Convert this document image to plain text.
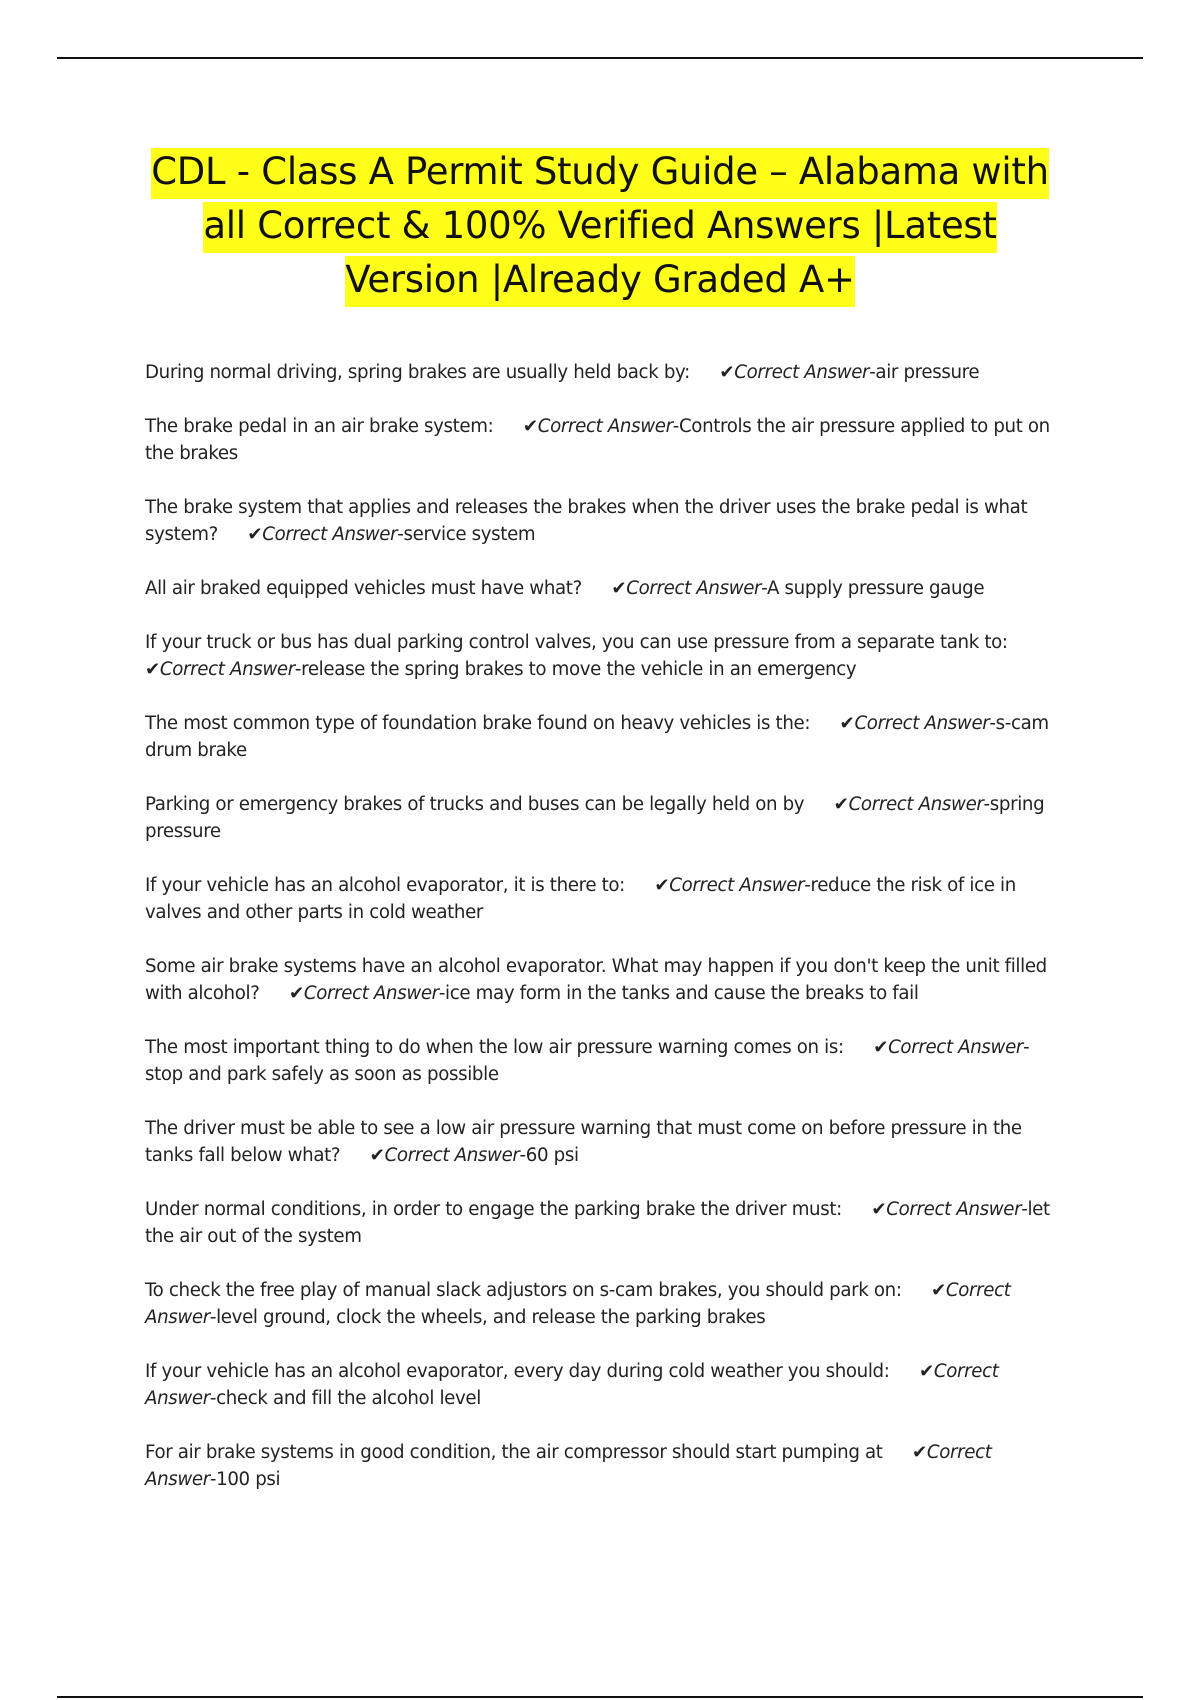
CDL - Class A Permit Study Guide – Alabama with
all Correct & 100% Verified Answers |Latest
Version |Already Graded A+
During normal driving, spring brakes are usually held back by: ✔Correct Answer-air pressure
The brake pedal in an air brake system: ✔Correct Answer-Controls the air pressure applied to put on the brakes
The brake system that applies and releases the brakes when the driver uses the brake pedal is what system? ✔Correct Answer-service system
All air braked equipped vehicles must have what? ✔Correct Answer-A supply pressure gauge
If your truck or bus has dual parking control valves, you can use pressure from a separate tank to: ✔Correct Answer-release the spring brakes to move the vehicle in an emergency
The most common type of foundation brake found on heavy vehicles is the: ✔Correct Answer-s-cam drum brake
Parking or emergency brakes of trucks and buses can be legally held on by ✔Correct Answer-spring pressure
If your vehicle has an alcohol evaporator, it is there to: ✔Correct Answer-reduce the risk of ice in valves and other parts in cold weather
Some air brake systems have an alcohol evaporator. What may happen if you don't keep the unit filled with alcohol? ✔Correct Answer-ice may form in the tanks and cause the breaks to fail
The most important thing to do when the low air pressure warning comes on is: ✔Correct Answer-stop and park safely as soon as possible
The driver must be able to see a low air pressure warning that must come on before pressure in the tanks fall below what? ✔Correct Answer-60 psi
Under normal conditions, in order to engage the parking brake the driver must: ✔Correct Answer-let the air out of the system
To check the free play of manual slack adjustors on s-cam brakes, you should park on: ✔Correct Answer-level ground, clock the wheels, and release the parking brakes
If your vehicle has an alcohol evaporator, every day during cold weather you should: ✔Correct Answer-check and fill the alcohol level
For air brake systems in good condition, the air compressor should start pumping at ✔Correct Answer-100 psi
